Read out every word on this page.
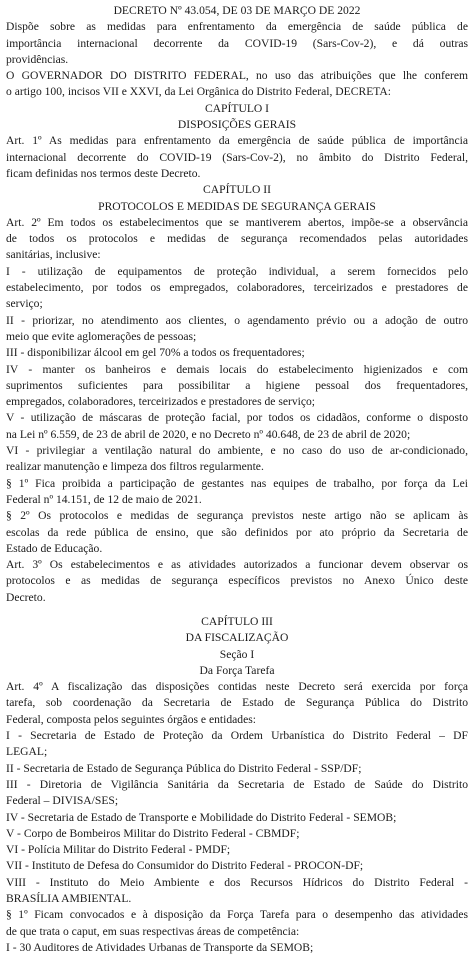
DECRETO Nº 43.054, DE 03 DE MARÇO DE 2022
Dispõe sobre as medidas para enfrentamento da emergência de saúde pública de
importância internacional decorrente da COVID-19 (Sars-Cov-2), e dá outras
providências.
O GOVERNADOR DO DISTRITO FEDERAL, no uso das atribuições que lhe conferem
o artigo 100, incisos VII e XXVI, da Lei Orgânica do Distrito Federal, DECRETA:
CAPÍTULO I
DISPOSIÇÕES GERAIS
Art. 1º As medidas para enfrentamento da emergência de saúde pública de importância
internacional decorrente do COVID-19 (Sars-Cov-2), no âmbito do Distrito Federal,
ficam definidas nos termos deste Decreto.
CAPÍTULO II
PROTOCOLOS E MEDIDAS DE SEGURANÇA GERAIS
Art. 2º Em todos os estabelecimentos que se mantiverem abertos, impõe-se a observância
de todos os protocolos e medidas de segurança recomendados pelas autoridades
sanitárias, inclusive:
I - utilização de equipamentos de proteção individual, a serem fornecidos pelo
estabelecimento, por todos os empregados, colaboradores, terceirizados e prestadores de
serviço;
II - priorizar, no atendimento aos clientes, o agendamento prévio ou a adoção de outro
meio que evite aglomerações de pessoas;
III - disponibilizar álcool em gel 70% a todos os frequentadores;
IV - manter os banheiros e demais locais do estabelecimento higienizados e com
suprimentos suficientes para possibilitar a higiene pessoal dos frequentadores,
empregados, colaboradores, terceirizados e prestadores de serviço;
V - utilização de máscaras de proteção facial, por todos os cidadãos, conforme o disposto
na Lei nº 6.559, de 23 de abril de 2020, e no Decreto nº 40.648, de 23 de abril de 2020;
VI - privilegiar a ventilação natural do ambiente, e no caso do uso de ar-condicionado,
realizar manutenção e limpeza dos filtros regularmente.
§ 1º Fica proibida a participação de gestantes nas equipes de trabalho, por força da Lei
Federal nº 14.151, de 12 de maio de 2021.
§ 2º Os protocolos e medidas de segurança previstos neste artigo não se aplicam às
escolas da rede pública de ensino, que são definidos por ato próprio da Secretaria de
Estado de Educação.
Art. 3º Os estabelecimentos e as atividades autorizados a funcionar devem observar os
protocolos e as medidas de segurança específicos previstos no Anexo Único deste
Decreto.
CAPÍTULO III
DA FISCALIZAÇÃO
Seção I
Da Força Tarefa
Art. 4º A fiscalização das disposições contidas neste Decreto será exercida por força
tarefa, sob coordenação da Secretaria de Estado de Segurança Pública do Distrito
Federal, composta pelos seguintes órgãos e entidades:
I - Secretaria de Estado de Proteção da Ordem Urbanística do Distrito Federal – DF
LEGAL;
II - Secretaria de Estado de Segurança Pública do Distrito Federal - SSP/DF;
III - Diretoria de Vigilância Sanitária da Secretaria de Estado de Saúde do Distrito
Federal – DIVISA/SES;
IV - Secretaria de Estado de Transporte e Mobilidade do Distrito Federal - SEMOB;
V - Corpo de Bombeiros Militar do Distrito Federal - CBMDF;
VI - Polícia Militar do Distrito Federal - PMDF;
VII - Instituto de Defesa do Consumidor do Distrito Federal - PROCON-DF;
VIII - Instituto do Meio Ambiente e dos Recursos Hídricos do Distrito Federal -
BRASÍLIA AMBIENTAL.
§ 1º Ficam convocados e à disposição da Força Tarefa para o desempenho das atividades
de que trata o caput, em suas respectivas áreas de competência:
I - 30 Auditores de Atividades Urbanas de Transporte da SEMOB;
